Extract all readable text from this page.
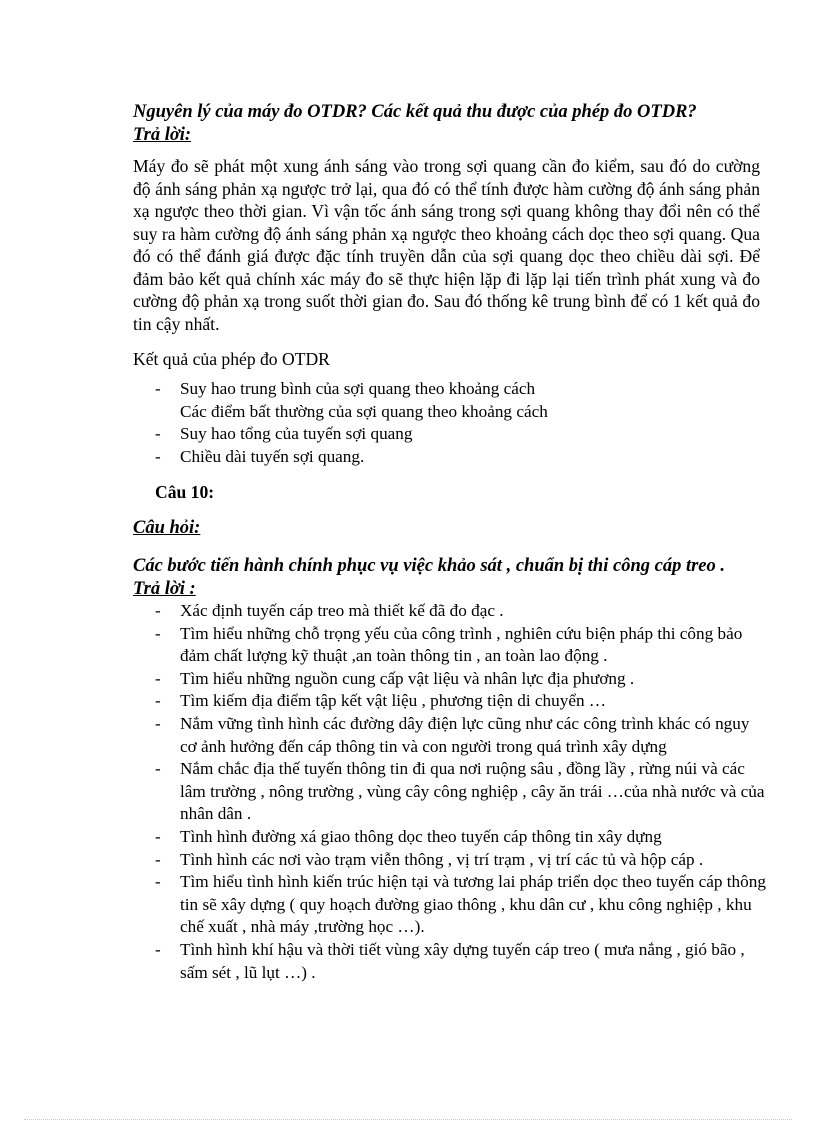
Nguyên lý của máy đo OTDR? Các kết quả thu được của phép đo OTDR?
Trả lời:
Máy đo sẽ phát một xung ánh sáng vào trong sợi quang cần đo kiểm, sau đó do cường độ ánh sáng phản xạ ngược trở lại, qua đó có thể tính được hàm cường độ ánh sáng phản xạ ngược theo thời gian. Vì vận tốc ánh sáng trong sợi quang không thay đổi nên có thể suy ra hàm cường độ ánh sáng phản xạ ngược theo khoảng cách dọc theo sợi quang. Qua đó có thể đánh giá được đặc tính truyền dẫn của sợi quang dọc theo chiều dài sợi. Để đảm bảo kết quả chính xác máy đo sẽ thực hiện lặp đi lặp lại tiến trình phát xung và đo cường độ phản xạ trong suốt thời gian đo. Sau đó thống kê trung bình để có 1 kết quả đo tin cậy nhất.
Kết quả của phép đo OTDR
-	Suy hao trung bình của sợi quang theo khoảng cách
Các điểm bất thường của sợi quang theo khoảng cách
-	Suy hao tổng của tuyến sợi quang
-	Chiều dài tuyến sợi quang.
Câu 10:
Câu hỏi:
Các bước tiến hành chính phục vụ việc khảo sát , chuẩn bị thi công cáp treo .
Trả lời :
-	Xác định tuyến cáp treo mà thiết kế đã đo đạc .
-	Tìm hiểu những chỗ trọng yếu của công trình , nghiên cứu biện pháp thi công bảo đảm chất lượng kỹ thuật ,an toàn thông tin , an toàn lao động .
-	Tìm hiểu những nguồn cung cấp vật liệu và nhân lực địa phương .
-	Tìm kiếm địa điểm tập kết vật liệu , phương tiện di chuyển …
-	Nắm vững tình hình các đường dây điện lực cũng như các công trình khác có nguy cơ ảnh hưởng đến cáp thông tin và con người trong quá trình xây dựng
-	Nắm chắc địa thế tuyến thông tin đi qua nơi ruộng sâu , đồng lầy , rừng núi và các lâm trường , nông trường , vùng cây công nghiệp , cây ăn trái …của nhà nước và của nhân dân .
-	Tình hình đường xá giao thông dọc theo tuyến cáp thông tin xây dựng
-	Tình hình các nơi vào trạm viễn thông , vị trí trạm , vị trí các tủ và hộp cáp .
-	Tìm hiểu tình hình kiến trúc hiện tại và tương lai pháp triển dọc theo tuyến cáp thông tin sẽ xây dựng ( quy hoạch đường giao thông , khu dân cư , khu công nghiệp , khu chế xuất , nhà máy ,trường học …).
-	Tình hình khí hậu và thời tiết vùng xây dựng tuyến cáp treo ( mưa nắng , gió bão , sấm sét , lũ lụt …) .
